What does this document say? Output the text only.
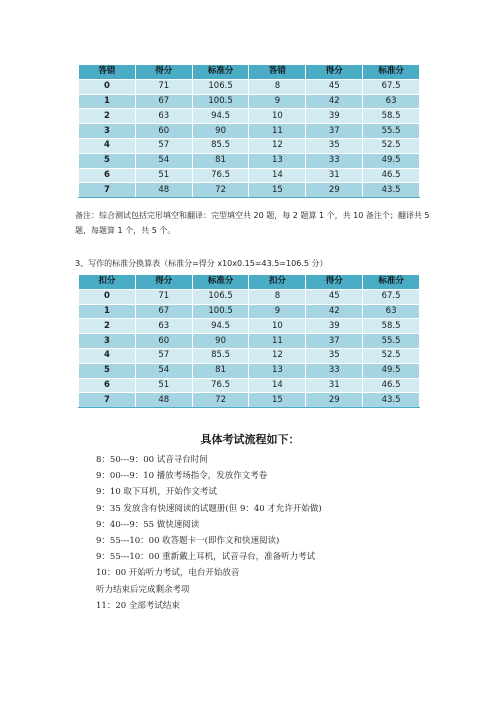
答错	得分	标准分	答错	得分	标准分
0	71	106.5	8	45	67.5
1	67	100.5	9	42	63
2	63	94.5	10	39	58.5
3	60	90	11	37	55.5
4	57	85.5	12	35	52.5
5	54	81	13	33	49.5
6	51	76.5	14	31	46.5
7	48	72	15	29	43.5
备注：综合测试包括完形填空和翻译：完型填空共 20 题，每 2 题算 1 个，共 10 备注个；翻译共 5 题，每题算 1 个，共 5 个。
3、写作的标准分换算表（标准分=得分 x10x0.15=43.5=106.5 分）
扣分	得分	标准分	扣分	得分	标准分
0	71	106.5	8	45	67.5
1	67	100.5	9	42	63
2	63	94.5	10	39	58.5
3	60	90	11	37	55.5
4	57	85.5	12	35	52.5
5	54	81	13	33	49.5
6	51	76.5	14	31	46.5
7	48	72	15	29	43.5
具体考试流程如下：
8：50---9：00 试音寻台时间
9：00---9：10 播放考场指令，发放作文考卷
9：10 取下耳机，开始作文考试
9：35 发放含有快速阅读的试题册(但 9：40 才允许开始做)
9：40---9：55 做快速阅读
9：55---10：00 收答题卡一(即作文和快速阅读)
9：55---10：00 重新戴上耳机，试音寻台，准备听力考试
10：00 开始听力考试，电台开始放音
听力结束后完成剩余考项
11：20 全部考试结束
